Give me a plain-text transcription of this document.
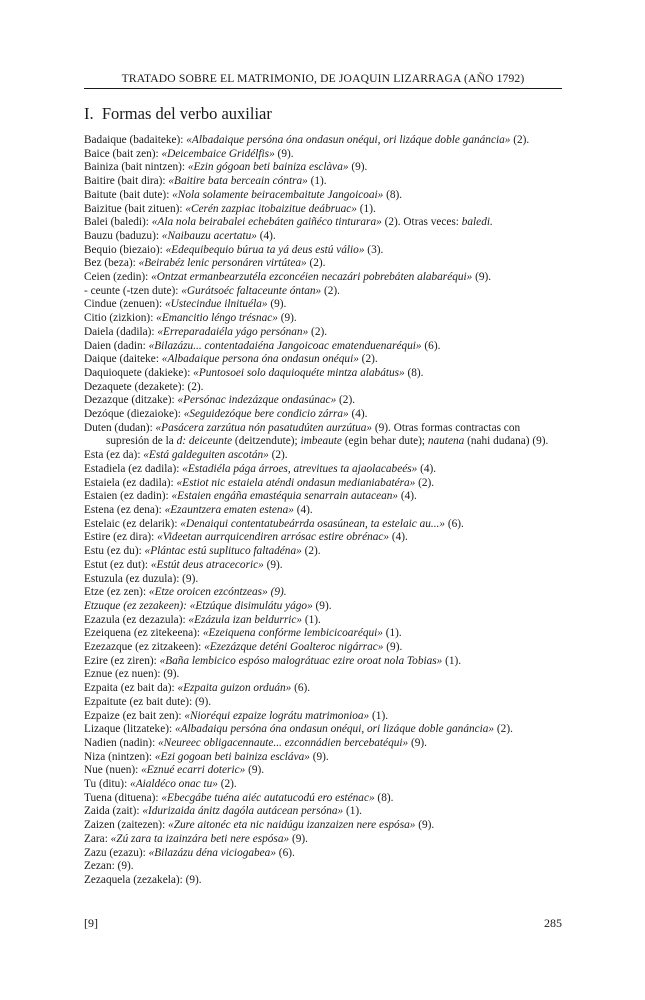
TRATADO SOBRE EL MATRIMONIO, DE JOAQUIN LIZARRAGA (AÑO 1792)
I. Formas del verbo auxiliar
Badaique (badaiteke): «Albadaique persóna óna ondasun onéqui, ori lizáque doble ganáncia» (2).
Baice (bait zen): «Deicembaice Gridélfis» (9).
Bainiza (bait nintzen): «Ezin gógoan beti bainiza esclàva» (9).
Baitire (bait dira): «Baitire bata berceain cóntra» (1).
Baitute (bait dute): «Nola solamente beiracembaitute Jangoicoai» (8).
Baizitue (bait zituen): «Cerén zazpiac itobaizitue deábruac» (1).
Balei (baledi): «Ala nola beirabalei echebáten gaiñéco tinturara» (2). Otras veces: baledi.
Bauzu (baduzu): «Naibauzu acertatu» (4).
Bequio (biezaio): «Edequibequio búrua ta yá deus estú válio» (3).
Bez (beza): «Beirabéz lenic personáren virtútea» (2).
Ceien (zedin): «Ontzat ermanbearzutéla ezconcéien necazári pobrebáten alabaréqui» (9).
- ceunte (-tzen dute): «Gurátsoéc faltaceunte óntan» (2).
Cindue (zenuen): «Ustecindue ilnituéla» (9).
Citio (zizkion): «Emancitio léngo trésnac» (9).
Daiela (dadila): «Erreparadaiéla yágo persónan» (2).
Daien (dadin: «Bilazázu... contentadaiéna Jangoicoac ematenduenaréqui» (6).
Daique (daiteke: «Albadaique persona óna ondasun onéqui» (2).
Daquioquete (dakieke): «Puntosoei solo daquioquéte mintza alabátus» (8).
Dezaquete (dezakete): (2).
Dezazque (ditzake): «Persónac indezázque ondasúnac» (2).
Dezóque (diezaioke): «Seguidezóque bere condicio zárra» (4).
Duten (dudan): «Pasácera zarzútua nón pasatudúten aurzútua» (9). Otras formas contractas con supresión de la d: deiceunte (deitzendute); imbeaute (egin behar dute); nautena (nahi dudana) (9).
Esta (ez da): «Está galdeguiten ascotán» (2).
Estadiela (ez dadila): «Estadiéla pága árroes, atrevitues ta ajaolacabeés» (4).
Estaiela (ez dadila): «Estiot nic estaiela aténdi ondasun medianiabatéra» (2).
Estaien (ez dadin): «Estaien engáña emastéquia senarrain autacean» (4).
Estena (ez dena): «Ezauntzera ematen estena» (4).
Estelaic (ez delarik): «Denaiqui contentatubeárrda osasúnean, ta estelaic au...» (6).
Estire (ez dira): «Videetan aurrquicendiren arrósac estire obrénac» (4).
Estu (ez du): «Plántac estú suplituco faltadéna» (2).
Estut (ez dut): «Estút deus atracecoric» (9).
Estuzula (ez duzula): (9).
Etze (ez zen): «Etze oroicen ezcóntzeas» (9).
Etzuque (ez zezakeen): «Etzúque disimulátu yágo» (9).
Ezazula (ez dezazula): «Ezázula izan beldurric» (1).
Ezeiquena (ez zitekeena): «Ezeiquena confórme lembicicoaréqui» (1).
Ezezazque (ez zitzakeen): «Ezezázque deténi Goalteroc nigárrac» (9).
Ezire (ez ziren): «Baña lembicico espóso malográtuac ezire oroat nola Tobias» (1).
Eznue (ez nuen): (9).
Ezpaita (ez bait da): «Ezpaita guizon orduán» (6).
Ezpaitute (ez bait dute): (9).
Ezpaize (ez bait zen): «Nioréqui ezpaize lográtu matrimonioa» (1).
Lizaque (litzateke): «Albadaiqu persóna óna ondasun onéqui, ori lizáque doble ganáncia» (2).
Nadien (nadin): «Neureec obligacennaute... ezconnádien bercebatéqui» (9).
Niza (nintzen): «Ezi gogoan beti bainiza escláva» (9).
Nue (nuen): «Eznué ecarri doteric» (9).
Tu (ditu): «Aialdéco onac tu» (2).
Tuena (dituena): «Ebecgábe tuéna aiéc autatucodú ero esténac» (8).
Zaida (zait): «Idurizaida ánitz dagóla autácean persóna» (1).
Zaizen (zaitezen): «Zure aitonéc eta nic naidúgu izanzaizen nere espósa» (9).
Zara: «Zú zara ta izainzára beti nere espósa» (9).
Zazu (ezazu): «Bilazázu déna viciogabea» (6).
Zezan: (9).
Zezaquela (zezakela): (9).
[9]	285
